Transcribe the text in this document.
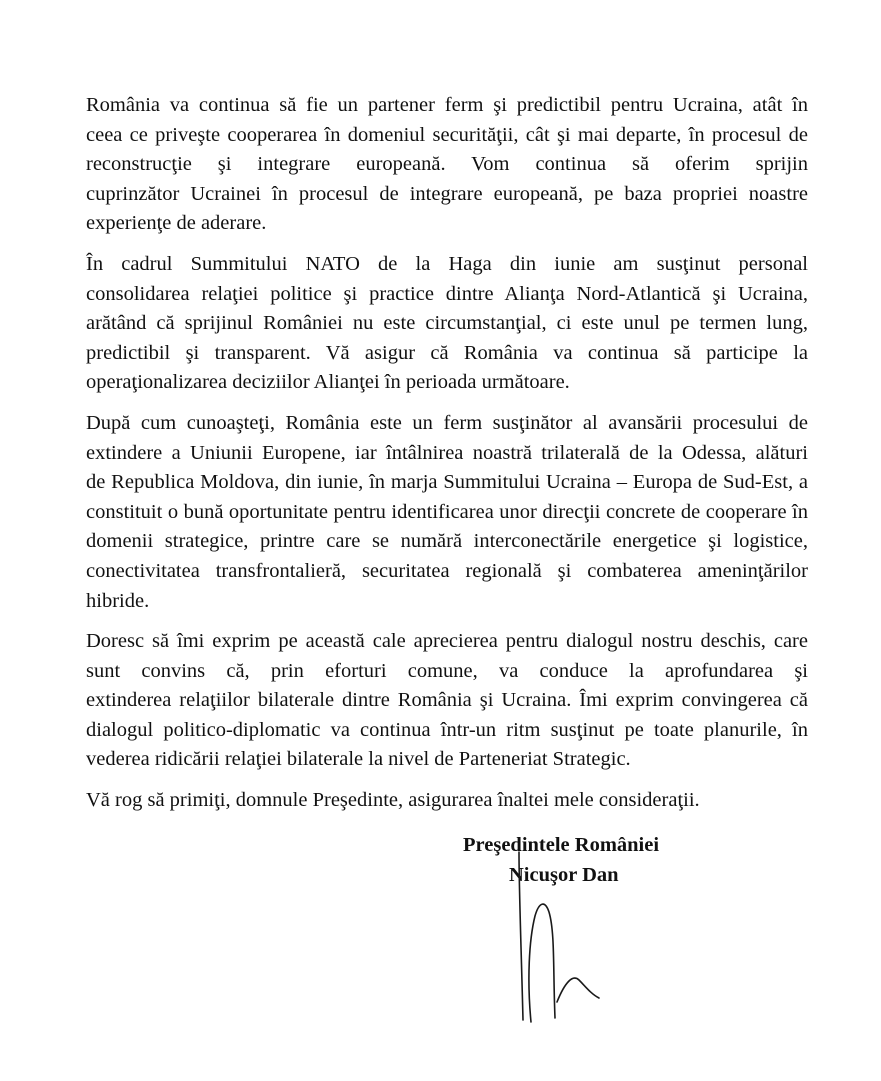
România va continua să fie un partener ferm şi predictibil pentru Ucraina, atât în
ceea ce priveşte cooperarea în domeniul securităţii, cât şi mai departe, în procesul de
reconstrucţie şi integrare europeană. Vom continua să oferim sprijin
cuprinzător Ucrainei în procesul de integrare europeană, pe baza propriei noastre
experienţe de aderare.

În cadrul Summitului NATO de la Haga din iunie am susţinut personal
consolidarea relaţiei politice şi practice dintre Alianţa Nord-Atlantică şi Ucraina,
arătând că sprijinul României nu este circumstanţial, ci este unul pe termen lung,
predictibil şi transparent. Vă asigur că România va continua să participe la
operaţionalizarea deciziilor Alianţei în perioada următoare.

După cum cunoaşteţi, România este un ferm susţinător al avansării procesului de
extindere a Uniunii Europene, iar întâlnirea noastră trilaterală de la Odessa, alături
de Republica Moldova, din iunie, în marja Summitului Ucraina – Europa de Sud-Est, a
constituit o bună oportunitate pentru identificarea unor direcţii concrete de cooperare în
domenii strategice, printre care se numără interconectările energetice şi logistice,
conectivitatea transfrontalieră, securitatea regională şi combaterea ameninţărilor
hibride.

Doresc să îmi exprim pe această cale aprecierea pentru dialogul nostru deschis, care
sunt convins că, prin eforturi comune, va conduce la aprofundarea şi
extinderea relaţiilor bilaterale dintre România şi Ucraina. Îmi exprim convingerea că
dialogul politico-diplomatic va continua într-un ritm susţinut pe toate planurile, în
vederea ridicării relaţiei bilaterale la nivel de Parteneriat Strategic.

Vă rog să primiţi, domnule Preşedinte, asigurarea înaltei mele consideraţii.

Preşedintele României
Nicuşor Dan
